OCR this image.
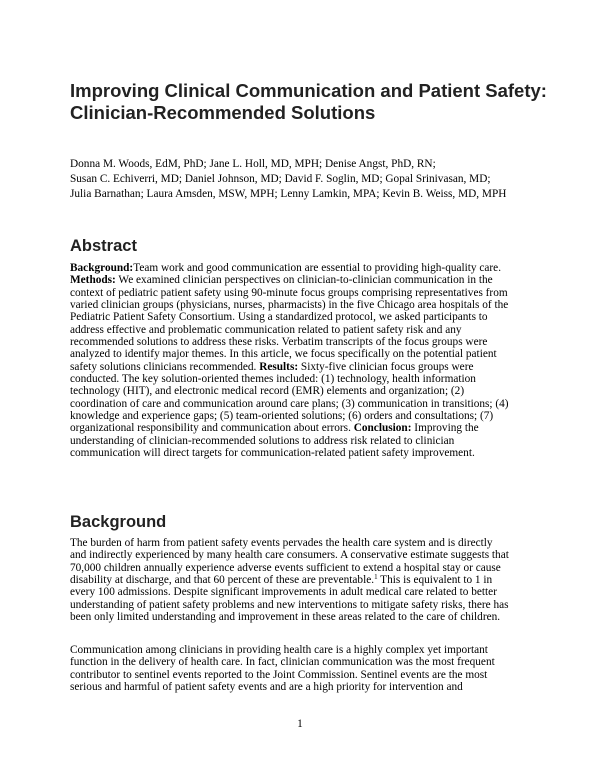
Improving Clinical Communication and Patient Safety:
Clinician-Recommended Solutions
Donna M. Woods, EdM, PhD; Jane L. Holl, MD, MPH; Denise Angst, PhD, RN;
Susan C. Echiverri, MD; Daniel Johnson, MD; David F. Soglin, MD; Gopal Srinivasan, MD;
Julia Barnathan; Laura Amsden, MSW, MPH; Lenny Lamkin, MPA; Kevin B. Weiss, MD, MPH
Abstract
Background:Team work and good communication are essential to providing high-quality care.
Methods: We examined clinician perspectives on clinician-to-clinician communication in the
context of pediatric patient safety using 90-minute focus groups comprising representatives from
varied clinician groups (physicians, nurses, pharmacists) in the five Chicago area hospitals of the
Pediatric Patient Safety Consortium. Using a standardized protocol, we asked participants to
address effective and problematic communication related to patient safety risk and any
recommended solutions to address these risks. Verbatim transcripts of the focus groups were
analyzed to identify major themes. In this article, we focus specifically on the potential patient
safety solutions clinicians recommended. Results: Sixty-five clinician focus groups were
conducted. The key solution-oriented themes included: (1) technology, health information
technology (HIT), and electronic medical record (EMR) elements and organization; (2)
coordination of care and communication around care plans; (3) communication in transitions; (4)
knowledge and experience gaps; (5) team-oriented solutions; (6) orders and consultations; (7)
organizational responsibility and communication about errors. Conclusion: Improving the
understanding of clinician-recommended solutions to address risk related to clinician
communication will direct targets for communication-related patient safety improvement.
Background
The burden of harm from patient safety events pervades the health care system and is directly
and indirectly experienced by many health care consumers. A conservative estimate suggests that
70,000 children annually experience adverse events sufficient to extend a hospital stay or cause
disability at discharge, and that 60 percent of these are preventable.$^1$ This is equivalent to 1 in
every 100 admissions. Despite significant improvements in adult medical care related to better
understanding of patient safety problems and new interventions to mitigate safety risks, there has
been only limited understanding and improvement in these areas related to the care of children.
Communication among clinicians in providing health care is a highly complex yet important
function in the delivery of health care. In fact, clinician communication was the most frequent
contributor to sentinel events reported to the Joint Commission. Sentinel events are the most
serious and harmful of patient safety events and are a high priority for intervention and
1
